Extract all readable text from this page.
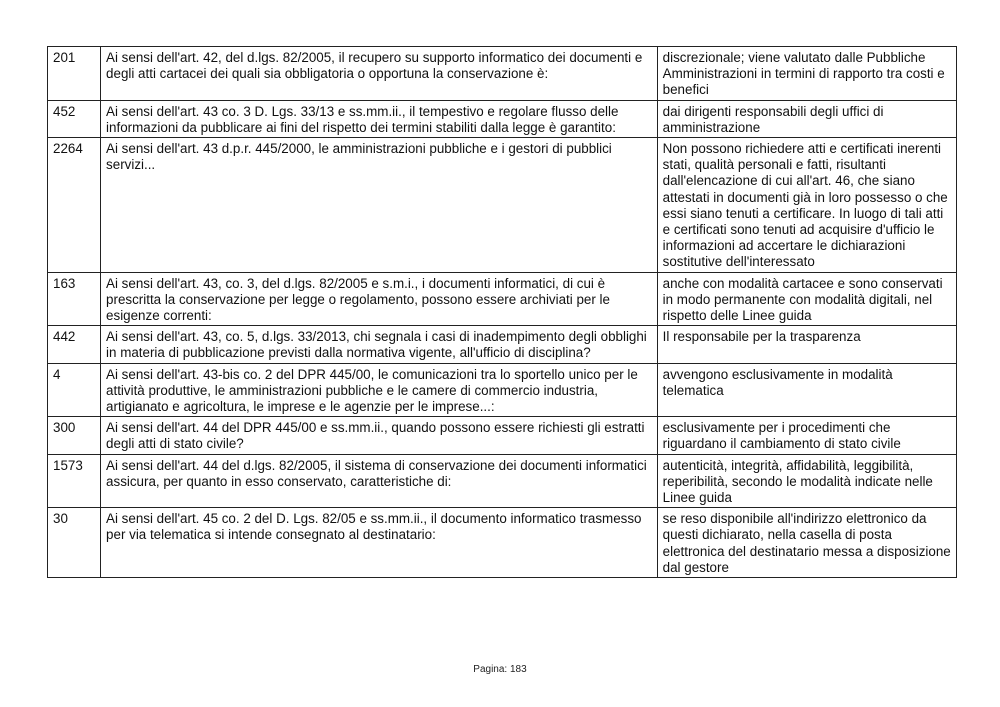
201	Ai sensi dell'art. 42, del d.lgs. 82/2005, il recupero su supporto informatico dei documenti e degli atti cartacei dei quali sia obbligatoria o opportuna la conservazione è:	discrezionale; viene valutato dalle Pubbliche Amministrazioni in termini di rapporto tra costi e benefici
452	Ai sensi dell'art. 43 co. 3 D. Lgs. 33/13 e ss.mm.ii., il tempestivo e regolare flusso delle informazioni da pubblicare ai fini del rispetto dei termini stabiliti dalla legge è garantito:	dai dirigenti responsabili degli uffici di amministrazione
2264	Ai sensi dell'art. 43 d.p.r. 445/2000, le amministrazioni pubbliche e i gestori di pubblici servizi...	Non possono richiedere atti e certificati inerenti stati, qualità personali e fatti, risultanti dall'elencazione di cui all'art. 46, che siano attestati in documenti già in loro possesso o che essi siano tenuti a certificare. In luogo di tali atti e certificati sono tenuti ad acquisire d'ufficio le informazioni ad accertare le dichiarazioni sostitutive dell'interessato
163	Ai sensi dell'art. 43, co. 3, del d.lgs. 82/2005 e s.m.i., i documenti informatici, di cui è prescritta la conservazione per legge o regolamento, possono essere archiviati per le esigenze correnti:	anche con modalità cartacee e sono conservati in modo permanente con modalità digitali, nel rispetto delle Linee guida
442	Ai sensi dell'art. 43, co. 5, d.lgs. 33/2013, chi segnala i casi di inadempimento degli obblighi in materia di pubblicazione previsti dalla normativa vigente, all'ufficio di disciplina?	Il responsabile per la trasparenza
4	Ai sensi dell'art. 43-bis co. 2 del DPR 445/00, le comunicazioni tra lo sportello unico per le attività produttive, le amministrazioni pubbliche e le camere di commercio industria, artigianato e agricoltura, le imprese e le agenzie per le imprese...:	avvengono esclusivamente in modalità telematica
300	Ai sensi dell'art. 44 del DPR 445/00 e ss.mm.ii., quando possono essere richiesti gli estratti degli atti di stato civile?	esclusivamente per i procedimenti che riguardano il cambiamento di stato civile
1573	Ai sensi dell'art. 44 del d.lgs. 82/2005, il sistema di conservazione dei documenti informatici assicura, per quanto in esso conservato, caratteristiche di:	autenticità, integrità, affidabilità, leggibilità, reperibilità, secondo le modalità indicate nelle Linee guida
30	Ai sensi dell'art. 45 co. 2 del D. Lgs. 82/05 e ss.mm.ii., il documento informatico trasmesso per via telematica si intende consegnato al destinatario:	se reso disponibile all'indirizzo elettronico da questi dichiarato, nella casella di posta elettronica del destinatario messa a disposizione dal gestore
Pagina: 183
